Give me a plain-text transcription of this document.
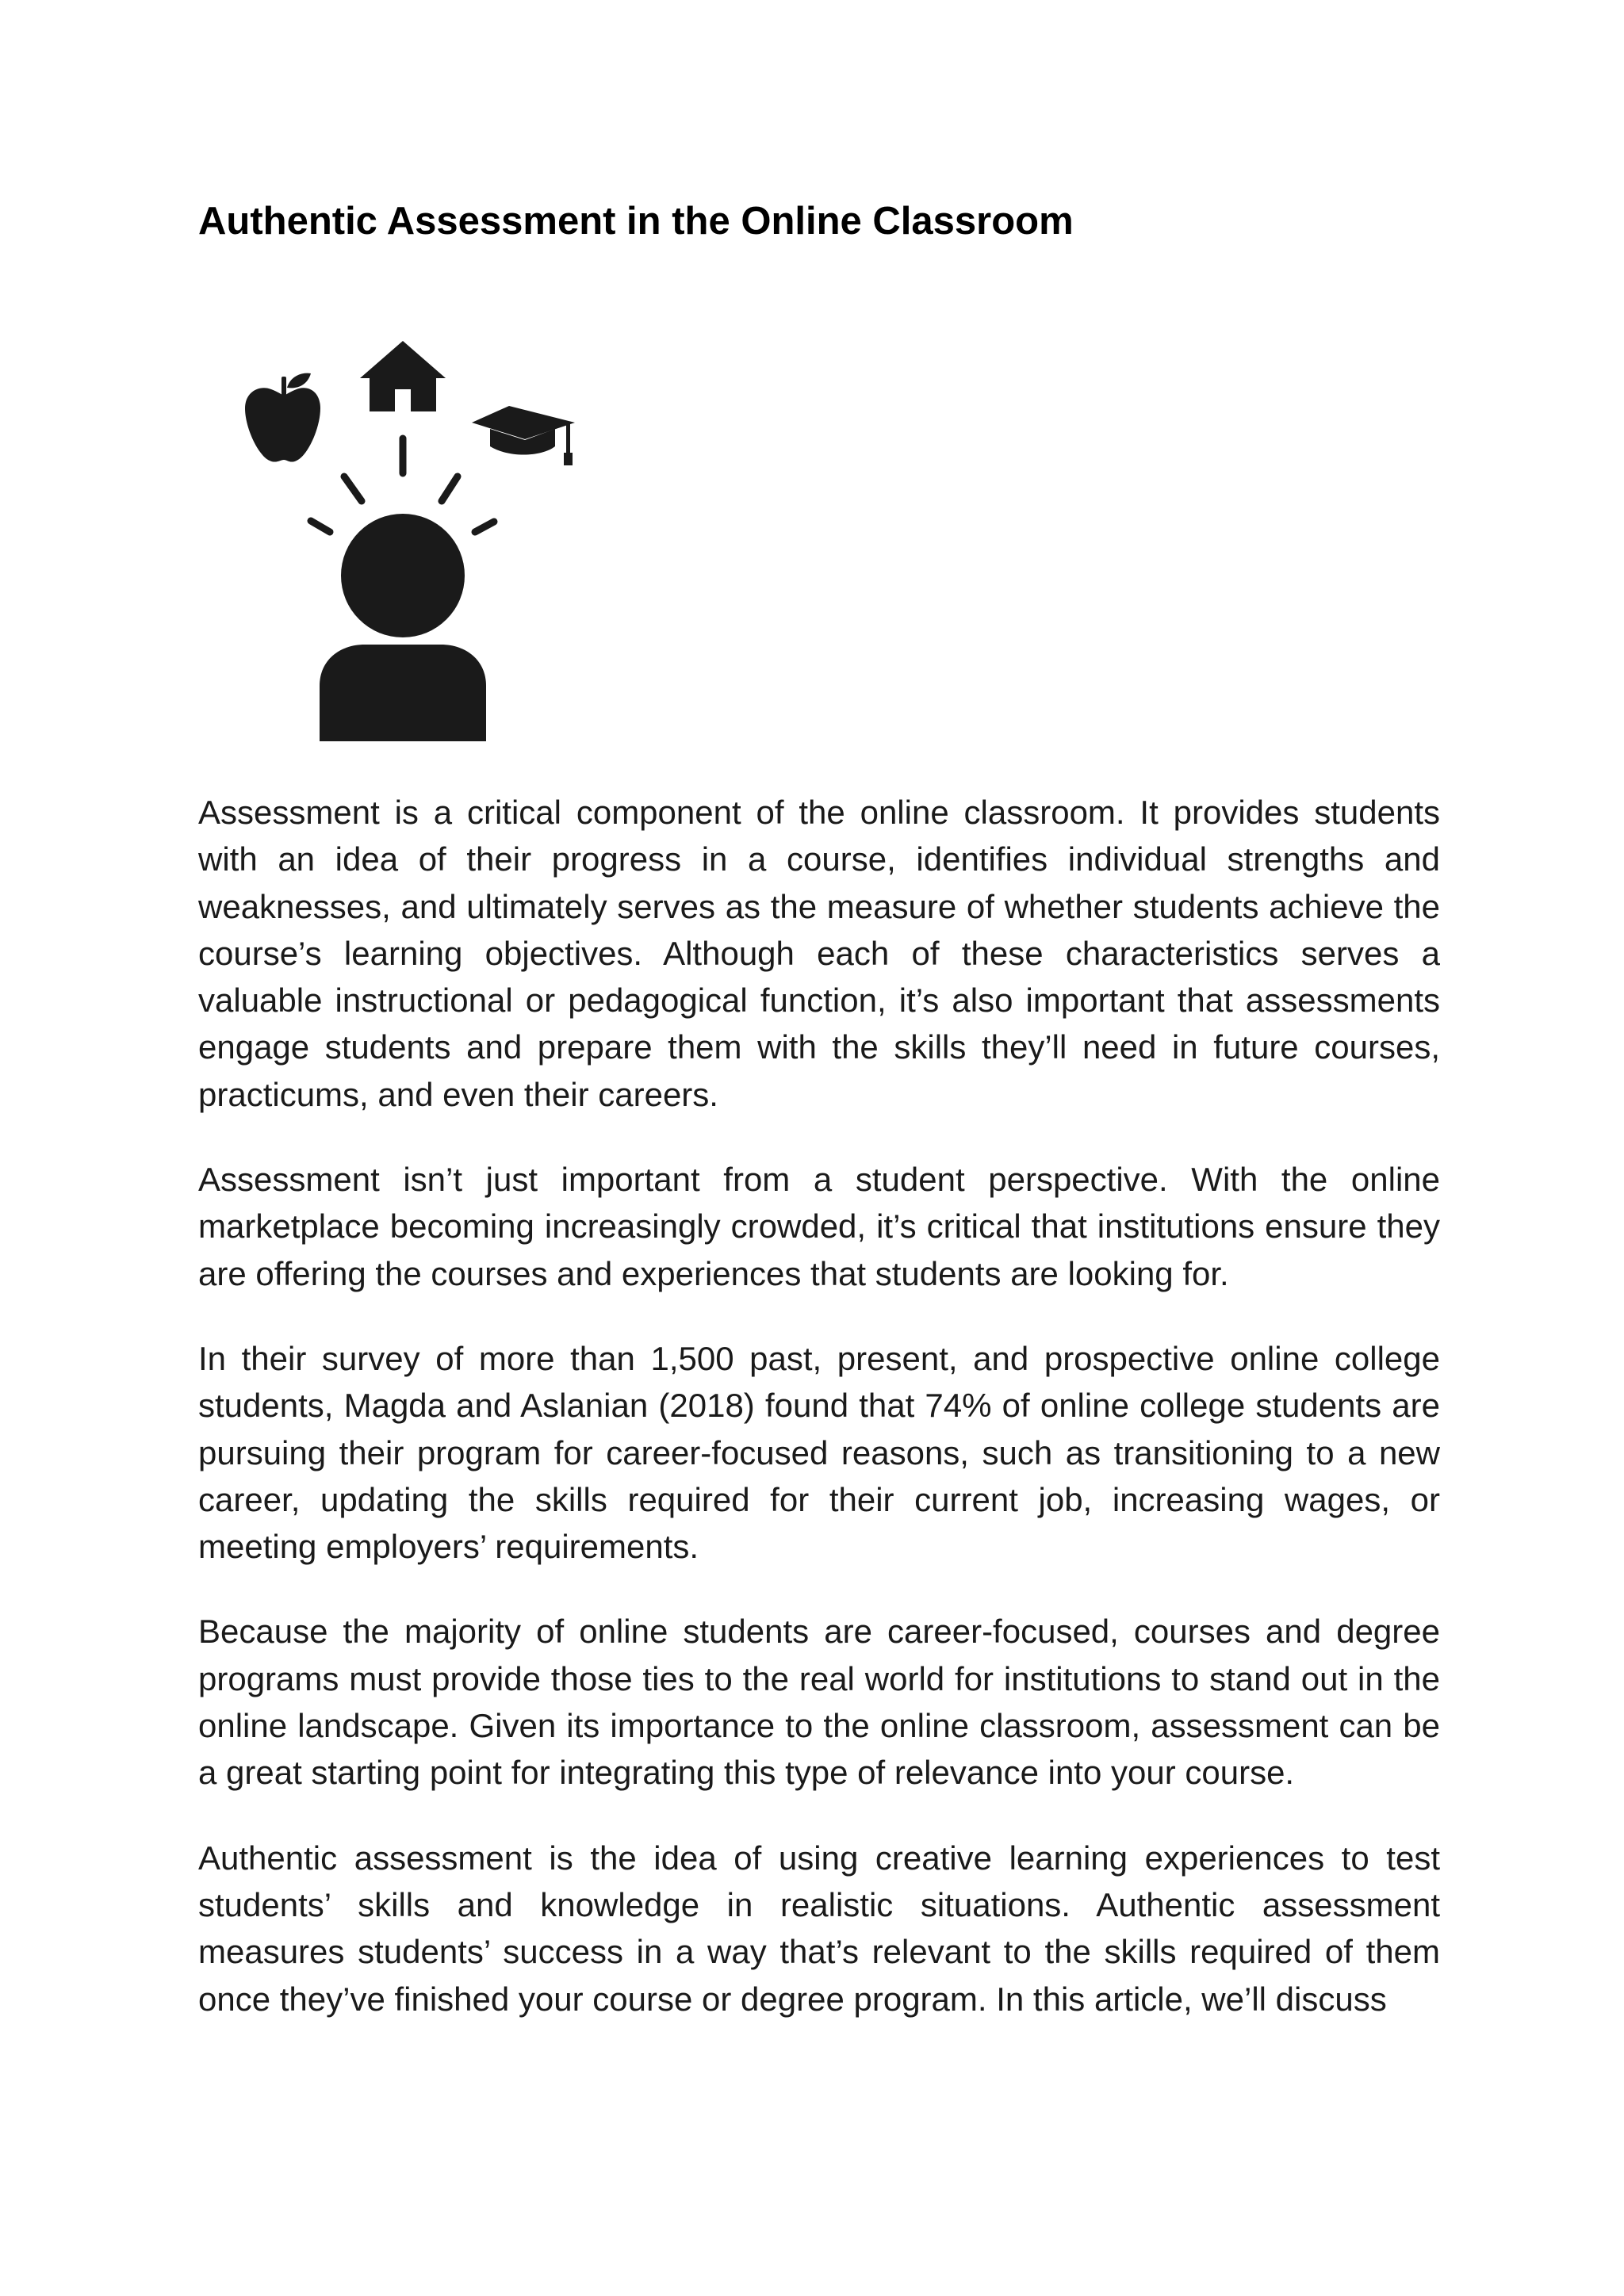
Authentic Assessment in the Online Classroom

Assessment is a critical component of the online classroom. It provides students with an idea of their progress in a course, identifies individual strengths and weaknesses, and ultimately serves as the measure of whether students achieve the course’s learning objectives. Although each of these characteristics serves a valuable instructional or pedagogical function, it’s also important that assessments engage students and prepare them with the skills they’ll need in future courses, practicums, and even their careers.

Assessment isn’t just important from a student perspective. With the online marketplace becoming increasingly crowded, it’s critical that institutions ensure they are offering the courses and experiences that students are looking for.

In their survey of more than 1,500 past, present, and prospective online college students, Magda and Aslanian (2018) found that 74% of online college students are pursuing their program for career-focused reasons, such as transitioning to a new career, updating the skills required for their current job, increasing wages, or meeting employers’ requirements.

Because the majority of online students are career-focused, courses and degree programs must provide those ties to the real world for institutions to stand out in the online landscape. Given its importance to the online classroom, assessment can be a great starting point for integrating this type of relevance into your course.

Authentic assessment is the idea of using creative learning experiences to test students’ skills and knowledge in realistic situations. Authentic assessment measures students’ success in a way that’s relevant to the skills required of them once they’ve finished your course or degree program. In this article, we’ll discuss
